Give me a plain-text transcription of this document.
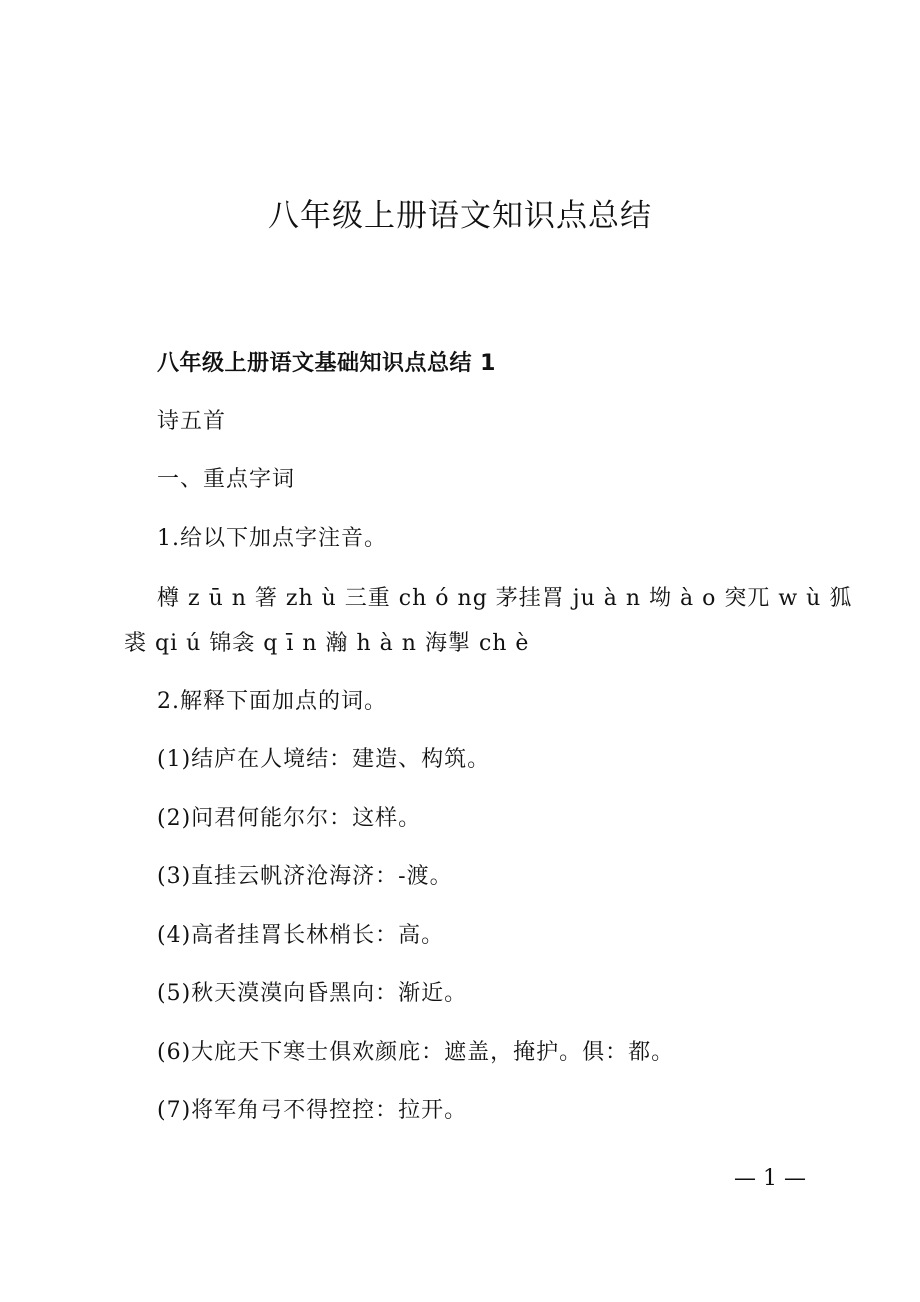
八年级上册语文知识点总结
八年级上册语文基础知识点总结 1
诗五首
一、重点字词
1.给以下加点字注音。
樽 z ū n 箸 zh ù 三重 ch ó ng 茅挂罥 ju à n 坳 à o 突兀 w ù 狐
裘 qi ú 锦衾 q ī n 瀚 h à n 海掣 ch è
2.解释下面加点的词。
(1)结庐在人境结：建造、构筑。
(2)问君何能尔尔：这样。
(3)直挂云帆济沧海济：-渡。
(4)高者挂罥长林梢长：高。
(5)秋天漠漠向昏黑向：渐近。
(6)大庇天下寒士俱欢颜庇：遮盖，掩护。俱：都。
(7)将军角弓不得控控：拉开。
— 1 —
